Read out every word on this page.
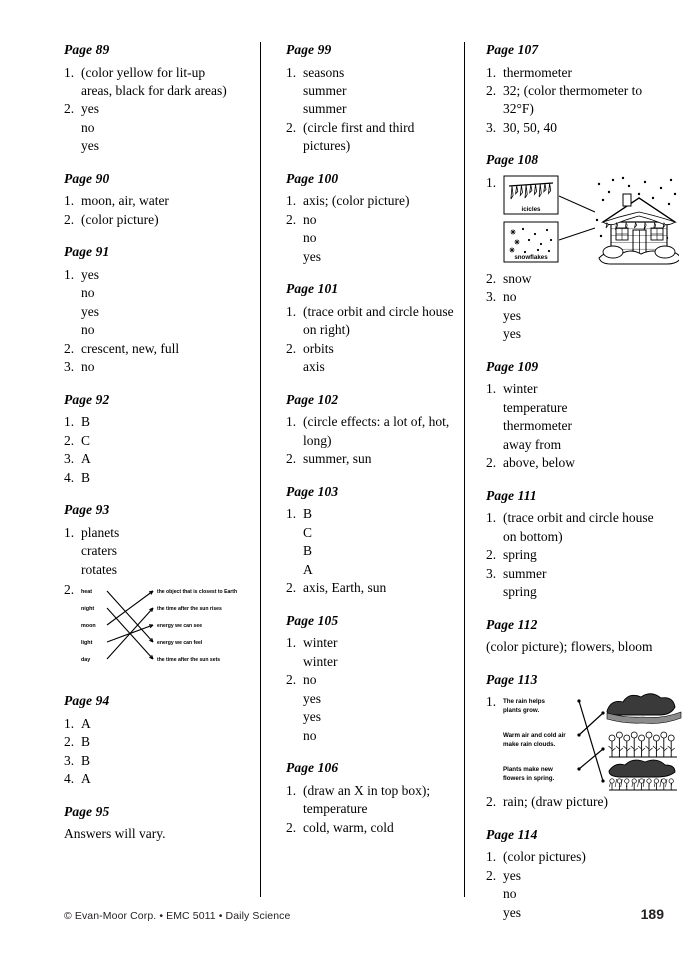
Page 89
1. (color yellow for lit-up
areas, black for dark areas)
2. yes
no
yes
Page 90
1. moon, air, water
2. (color picture)
Page 91
1. yes
no
yes
no
2. crescent, new, full
3. no
Page 92
1. B
2. C
3. A
4. B
Page 93
1. planets
craters
rotates
2. heat
night
moon
light
day
the object that is closest to Earth
the time after the sun rises
energy we can see
energy we can feel
the time after the sun sets
Page 94
1. A
2. B
3. B
4. A
Page 95

Answers will vary.

Page 99
1. seasons
summer
summer
2. (circle first and third
pictures)
Page 100
1. axis; (color picture)
2. no
no
yes
Page 101
1. (trace orbit and circle house
on right)
2. orbits
axis
Page 102
1. (circle effects: a lot of, hot,
long)
2. summer, sun
Page 103
1. B
C
B
A
2. axis, Earth, sun
Page 105
1. winter
winter
2. no
yes
yes
no
Page 106
1. (draw an X in top box);
temperature
2. cold, warm, cold
Page 107
1. thermometer
2. 32; (color thermometer to
32°F)
3. 30, 50, 40
Page 108
1.
icicles
snowflakes
2. snow
3. no
yes
yes
Page 109
1. winter
temperature
thermometer
away from
2. above, below
Page 111
1. (trace orbit and circle house
on bottom)
2. spring
3. summer
spring
Page 112

(color picture); flowers, bloom

Page 113
1. The rain helps
plants grow.
Warm air and cold air
make rain clouds.
Plants make new
flowers in spring.
2. rain; (draw picture)
Page 114
1. (color pictures)
2. yes
no
yes
© Evan-Moor Corp. • EMC 5011 • Daily Science	189
